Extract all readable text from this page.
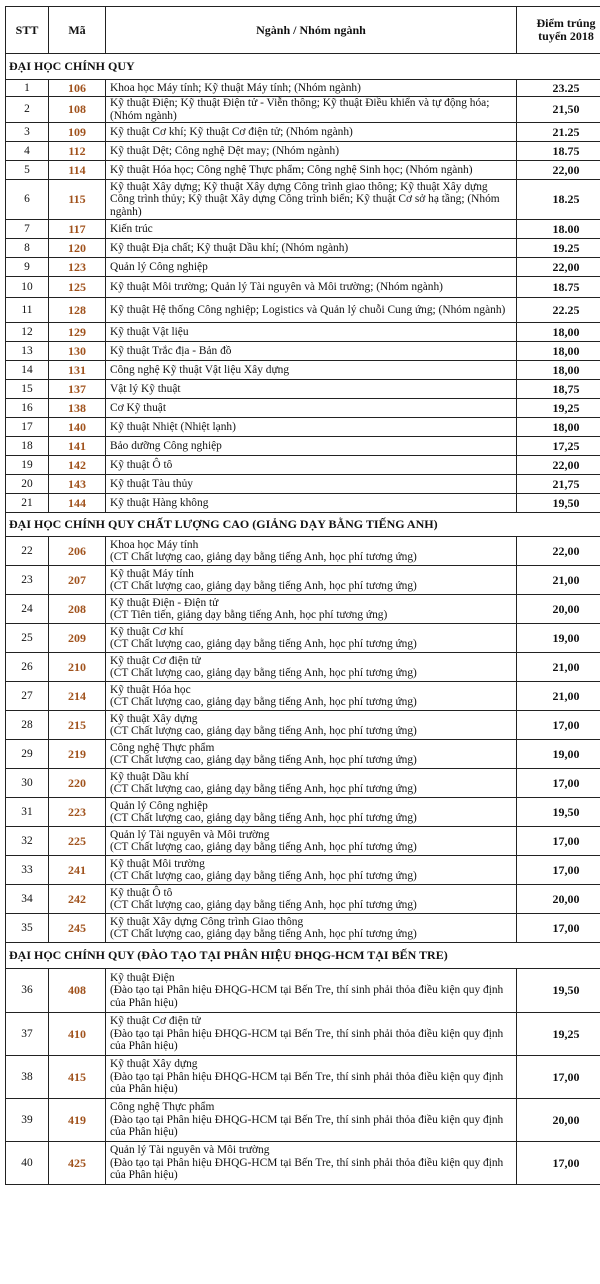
STT	Mã	Ngành / Nhóm ngành	Điểm trúng
tuyển 2018

ĐẠI HỌC CHÍNH QUY			
1	106	Khoa học Máy tính; Kỹ thuật Máy tính; (Nhóm ngành)	23.25
2	108	Kỹ thuật Điện; Kỹ thuật Điện tử - Viễn thông; Kỹ thuật Điều khiển và tự động hóa; (Nhóm ngành)	21,50
3	109	Kỹ thuật Cơ khí; Kỹ thuật Cơ điện tử; (Nhóm ngành)	21.25
4	112	Kỹ thuật Dệt; Công nghệ Dệt may; (Nhóm ngành)	18.75
5	114	Kỹ thuật Hóa học; Công nghệ Thực phẩm; Công nghệ Sinh học; (Nhóm ngành)	22,00
6	115	Kỹ thuật Xây dựng; Kỹ thuật Xây dựng Công trình giao thông; Kỹ thuật Xây dựng Công trình thủy; Kỹ thuật Xây dựng Công trình biển; Kỹ thuật Cơ sở hạ tầng; (Nhóm ngành)	18.25
7	117	Kiến trúc	18.00
8	120	Kỹ thuật Địa chất; Kỹ thuật Dầu khí; (Nhóm ngành)	19.25
9	123	Quản lý Công nghiệp	22,00
10	125	Kỹ thuật Môi trường; Quản lý Tài nguyên và Môi trường; (Nhóm ngành)	18.75
11	128	Kỹ thuật Hệ thống Công nghiệp; Logistics và Quản lý chuỗi Cung ứng; (Nhóm ngành)	22.25
12	129	Kỹ thuật Vật liệu	18,00
13	130	Kỹ thuật Trắc địa - Bản đồ	18,00
14	131	Công nghệ Kỹ thuật Vật liệu Xây dựng	18,00
15	137	Vật lý Kỹ thuật	18,75
16	138	Cơ Kỹ thuật	19,25
17	140	Kỹ thuật Nhiệt (Nhiệt lạnh)	18,00
18	141	Bảo dưỡng Công nghiệp	17,25
19	142	Kỹ thuật Ô tô	22,00
20	143	Kỹ thuật Tàu thủy	21,75
21	144	Kỹ thuật Hàng không	19,50
ĐẠI HỌC CHÍNH QUY CHẤT LƯỢNG CAO (GIẢNG DẠY BẰNG TIẾNG ANH)			
22	206	Khoa học Máy tính
(CT Chất lượng cao, giảng dạy bằng tiếng Anh, học phí tương ứng)	22,00
23	207	Kỹ thuật Máy tính
(CT Chất lượng cao, giảng dạy bằng tiếng Anh, học phí tương ứng)	21,00
24	208	Kỹ thuật Điện - Điện tử
(CT Tiên tiến, giảng dạy bằng tiếng Anh, học phí tương ứng)	20,00
25	209	Kỹ thuật Cơ khí
(CT Chất lượng cao, giảng dạy bằng tiếng Anh, học phí tương ứng)	19,00
26	210	Kỹ thuật Cơ điện tử
(CT Chất lượng cao, giảng dạy bằng tiếng Anh, học phí tương ứng)	21,00
27	214	Kỹ thuật Hóa học
(CT Chất lượng cao, giảng dạy bằng tiếng Anh, học phí tương ứng)	21,00
28	215	Kỹ thuật Xây dựng
(CT Chất lượng cao, giảng dạy bằng tiếng Anh, học phí tương ứng)	17,00
29	219	Công nghệ Thực phẩm
(CT Chất lượng cao, giảng dạy bằng tiếng Anh, học phí tương ứng)	19,00
30	220	Kỹ thuật Dầu khí
(CT Chất lượng cao, giảng dạy bằng tiếng Anh, học phí tương ứng)	17,00
31	223	Quản lý Công nghiệp
(CT Chất lượng cao, giảng dạy bằng tiếng Anh, học phí tương ứng)	19,50
32	225	Quản lý Tài nguyên và Môi trường
(CT Chất lượng cao, giảng dạy bằng tiếng Anh, học phí tương ứng)	17,00
33	241	Kỹ thuật Môi trường
(CT Chất lượng cao, giảng dạy bằng tiếng Anh, học phí tương ứng)	17,00
34	242	Kỹ thuật Ô tô
(CT Chất lượng cao, giảng dạy bằng tiếng Anh, học phí tương ứng)	20,00
35	245	Kỹ thuật Xây dựng Công trình Giao thông
(CT Chất lượng cao, giảng dạy bằng tiếng Anh, học phí tương ứng)	17,00
ĐẠI HỌC CHÍNH QUY (ĐÀO TẠO TẠI PHÂN HIỆU ĐHQG-HCM TẠI BẾN TRE)			
36	408	Kỹ thuật Điện
(Đào tạo tại Phân hiệu ĐHQG-HCM tại Bến Tre, thí sinh phải thỏa điều kiện quy định của Phân hiệu)	19,50
37	410	Kỹ thuật Cơ điện tử
(Đào tạo tại Phân hiệu ĐHQG-HCM tại Bến Tre, thí sinh phải thỏa điều kiện quy định của Phân hiệu)	19,25
38	415	Kỹ thuật Xây dựng
(Đào tạo tại Phân hiệu ĐHQG-HCM tại Bến Tre, thí sinh phải thỏa điều kiện quy định của Phân hiệu)	17,00
39	419	Công nghệ Thực phẩm
(Đào tạo tại Phân hiệu ĐHQG-HCM tại Bến Tre, thí sinh phải thỏa điều kiện quy định của Phân hiệu)	20,00
40	425	Quản lý Tài nguyên và Môi trường
(Đào tạo tại Phân hiệu ĐHQG-HCM tại Bến Tre, thí sinh phải thỏa điều kiện quy định của Phân hiệu)	17,00
